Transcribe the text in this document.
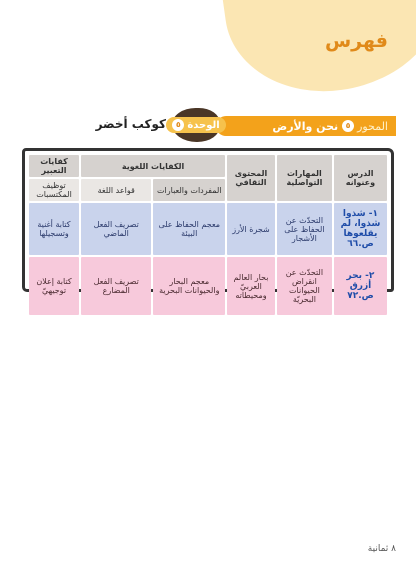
فهرس
المحور
٥
نحن والأرض
الوحدة
٥
كوكب أخضر
الدرس وعنوانه	المهارات التواصلية	المحتوى الثقافي	الكفايات اللغوية		كفايات التعبير
			المفردات والعبارات	قواعد اللغة	توظيف المكتسبات

١- شذوا شذوا، لم يقلعوها
ص.٦٦	التحدّث عن الحفاظ على الأشجار	شجرة الأرز	معجم الحفاظ على البيئة	تصريف الفعل الماضي	كتابة أغنية وتسجيلها

٢- بحر أزرق
ص.٧٢	التحدّث عن انقراض الحيوانات البحريّة	بحار العالم العربيّ ومحيطاته	معجم البحار والحيوانات البحرية	تصريف الفعل المضارع	كتابة إعلان توجيهيّ
٨ ثمانية
